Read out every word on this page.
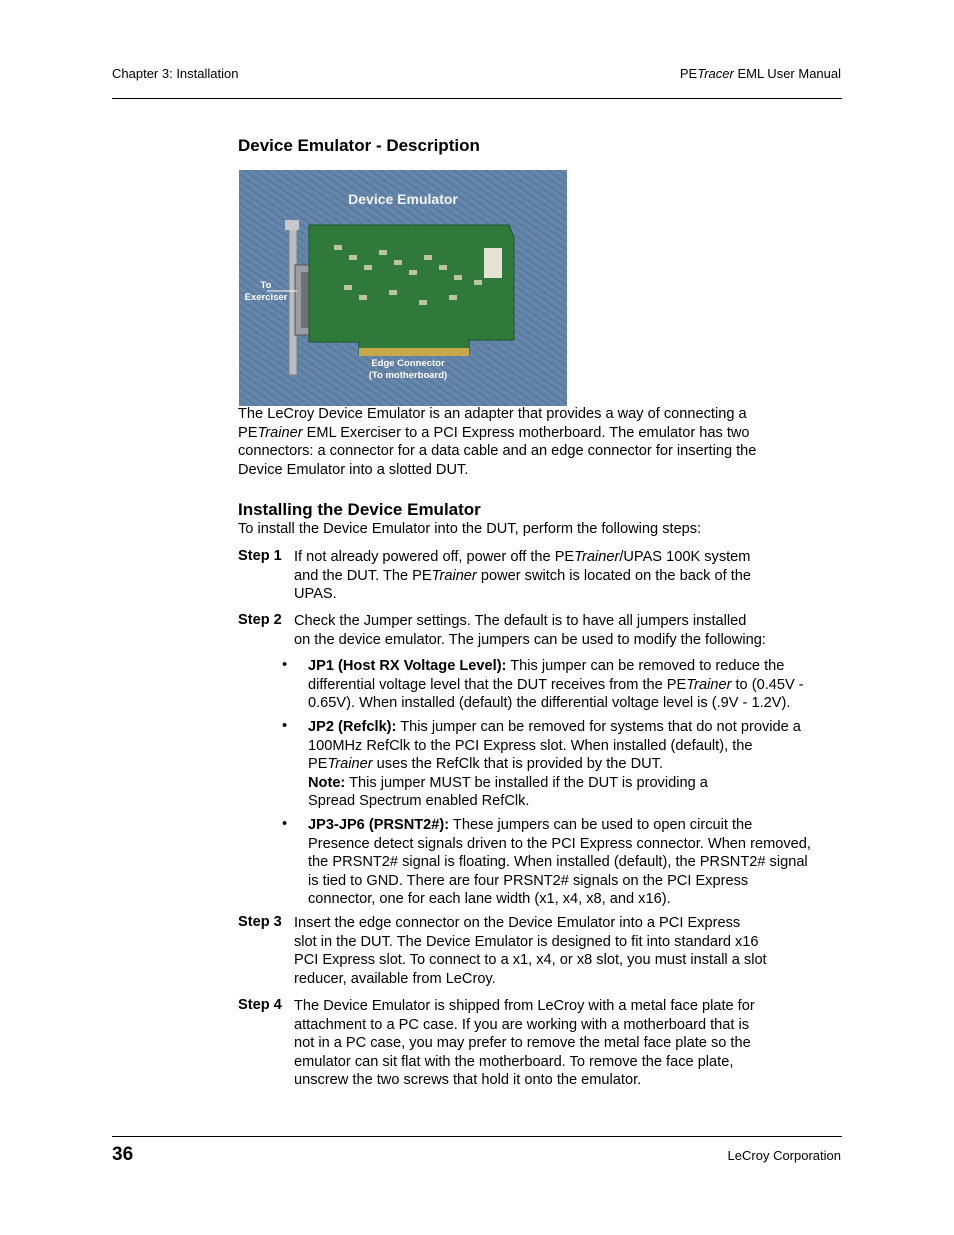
Chapter 3: Installation	PETracer EML User Manual
Device Emulator - Description
Device Emulator
To
Exerciser
Edge Connector
(To motherboard)
The LeCroy Device Emulator is an adapter that provides a way of connecting a
PETrainer EML Exerciser to a PCI Express motherboard. The emulator has two
connectors: a connector for a data cable and an edge connector for inserting the
Device Emulator into a slotted DUT.
Installing the Device Emulator
To install the Device Emulator into the DUT, perform the following steps:
Step 1 If not already powered off, power off the PETrainer/UPAS 100K system
and the DUT. The PETrainer power switch is located on the back of the
UPAS.
Step 2 Check the Jumper settings. The default is to have all jumpers installed
on the device emulator. The jumpers can be used to modify the following:
• JP1 (Host RX Voltage Level): This jumper can be removed to reduce the
differential voltage level that the DUT receives from the PETrainer to (0.45V -
0.65V). When installed (default) the differential voltage level is (.9V - 1.2V).
• JP2 (Refclk): This jumper can be removed for systems that do not provide a
100MHz RefClk to the PCI Express slot. When installed (default), the
PETrainer uses the RefClk that is provided by the DUT.
Note: This jumper MUST be installed if the DUT is providing a
Spread Spectrum enabled RefClk.
• JP3-JP6 (PRSNT2#): These jumpers can be used to open circuit the
Presence detect signals driven to the PCI Express connector. When removed,
the PRSNT2# signal is floating. When installed (default), the PRSNT2# signal
is tied to GND. There are four PRSNT2# signals on the PCI Express
connector, one for each lane width (x1, x4, x8, and x16).
Step 3 Insert the edge connector on the Device Emulator into a PCI Express
slot in the DUT. The Device Emulator is designed to fit into standard x16
PCI Express slot. To connect to a x1, x4, or x8 slot, you must install a slot
reducer, available from LeCroy.
Step 4 The Device Emulator is shipped from LeCroy with a metal face plate for
attachment to a PC case. If you are working with a motherboard that is
not in a PC case, you may prefer to remove the metal face plate so the
emulator can sit flat with the motherboard. To remove the face plate,
unscrew the two screws that hold it onto the emulator.
36	LeCroy Corporation
